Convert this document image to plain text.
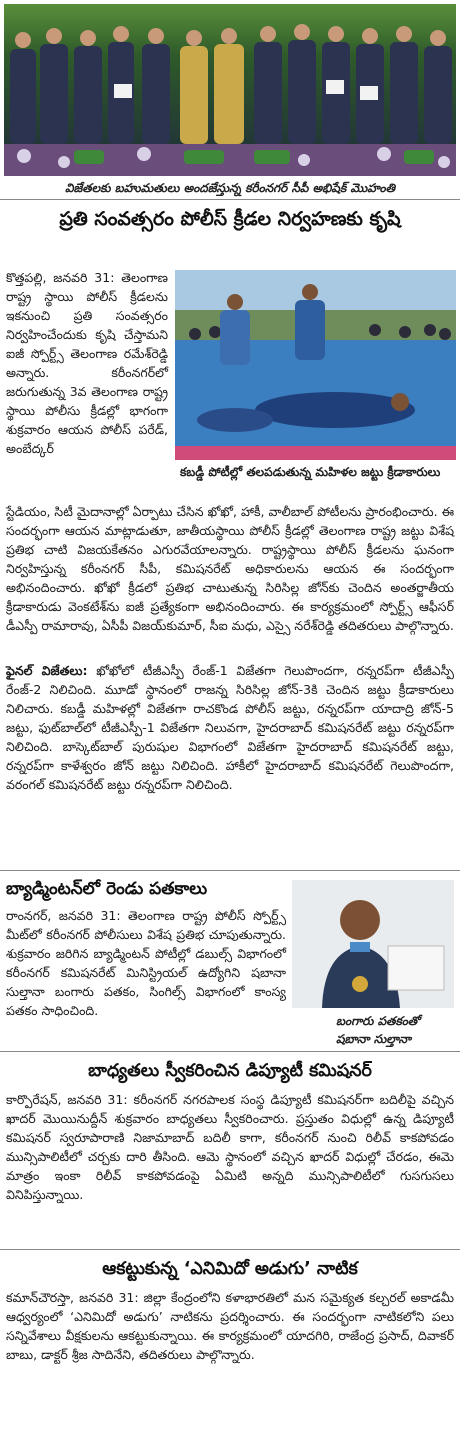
విజేతలకు బహుమతులు అందజేస్తున్న కరీంనగర్ సీపీ అభిషేక్ మొహంతి
ప్రతి సంవత్సరం పోలీస్ క్రీడల నిర్వహణకు కృషి
కబడ్డీ పోటీల్లో తలపడుతున్న మహిళల జట్టు క్రీడాకారులు

కొత్తపల్లి, జనవరి 31: తెలంగాణ రాష్ట్ర స్థాయి పోలీస్ క్రీడలను ఇకనుంచి ప్రతి సంవత్సరం నిర్వహించేందుకు కృషి చేస్తామని ఐజీ స్పోర్ట్స్ తెలంగాణ రమేశ్‌రెడ్డి అన్నారు. కరీంనగర్‌లో జరుగుతున్న 3వ తెలంగాణ రాష్ట్ర స్థాయి పోలీసు క్రీడల్లో భాగంగా శుక్రవారం ఆయన పోలీస్ పరేడ్, అంబేద్కర్

స్టేడియం, సిటీ మైదానాల్లో ఏర్పాటు చేసిన ఖోఖో, హాకీ, వాలీబాల్ పోటీలను ప్రారంభించారు. ఈ సందర్భంగా ఆయన మాట్లాడుతూ, జాతీయస్థాయి పోలీస్ క్రీడల్లో తెలంగాణ రాష్ట్ర జట్టు విశేష ప్రతిభ చాటి విజయకేతనం ఎగురవేయాలన్నారు. రాష్ట్రస్థాయి పోలీస్ క్రీడలను ఘనంగా నిర్వహిస్తున్న కరీంనగర్ సీపీ, కమిషనరేట్ అధికారులను ఆయన ఈ సందర్భంగా అభినందించారు. ఖోఖో క్రీడలో ప్రతిభ చాటుతున్న సిరిసిల్ల జోన్‌కు చెందిన అంతర్జాతీయ క్రీడాకారుడు వెంకటేశ్‌ను ఐజీ ప్రత్యేకంగా అభినందించారు. ఈ కార్యక్రమంలో స్పోర్ట్స్ ఆఫీసర్ డీఎస్పీ రామారావు, ఏసీపీ విజయ్‌కుమార్, సీఐ మధు, ఎస్సై నరేశ్‌రెడ్డి తదితరులు పాల్గొన్నారు.

ఫైనల్ విజేతలు: ఖోఖోలో టీజీఎస్పీ రేంజ్-1 విజేతగా గెలుపొందగా, రన్నరప్‌గా టీజీఎస్పీ రేంజ్-2 నిలిచింది. మూడో స్థానంలో రాజన్న సిరిసిల్ల జోన్-3కి చెందిన జట్టు క్రీడాకారులు నిలిచారు. కబడ్డీ మహిళల్లో విజేతగా రాచకొండ పోలీస్ జట్టు, రన్నరప్‌గా యాదాద్రి జోన్-5 జట్టు, ఫుట్‌బాల్‌లో టీజీఎస్పీ-1 విజేతగా నిలువగా, హైదరాబాద్ కమిషనరేట్ జట్టు రన్నరప్‌గా నిలిచింది. బాస్కెట్‌బాల్ పురుషుల విభాగంలో విజేతగా హైదరాబాద్ కమిషనరేట్ జట్టు, రన్నరప్‌గా కాళేశ్వరం జోన్ జట్టు నిలిచింది. హాకీలో హైదరాబాద్ కమిషనరేట్ గెలుపొందగా, వరంగల్ కమిషనరేట్ జట్టు రన్నరప్‌గా నిలిచింది.

బ్యాడ్మింటన్‌లో రెండు పతకాలు

రాంనగర్, జనవరి 31: తెలంగాణ రాష్ట్ర పోలీస్ స్పోర్ట్స్ మీట్‌లో కరీంనగర్ పోలీసులు విశేష ప్రతిభ చూపుతున్నారు. శుక్రవారం జరిగిన బ్యాడ్మింటన్ పోటీల్లో డబుల్స్ విభాగంలో కరీంనగర్ కమిషనరేట్ మినిస్ట్రియల్ ఉద్యోగిని షబానా సుల్తానా బంగారు పతకం, సింగిల్స్ విభాగంలో కాంస్య పతకం సాధించింది.

బంగారు పతకంతో షబానా సుల్తానా
బాధ్యతలు స్వీకరించిన డిప్యూటీ కమిషనర్

కార్పొరేషన్, జనవరి 31: కరీంనగర్ నగరపాలక సంస్థ డిప్యూటీ కమిషనర్‌గా బదిలీపై వచ్చిన ఖాదర్ మొయినుద్దీన్ శుక్రవారం బాధ్యతలు స్వీకరించారు. ప్రస్తుతం విధుల్లో ఉన్న డిప్యూటీ కమిషనర్ స్వరూపారాణి నిజామాబాద్ బదిలీ కాగా, కరీంనగర్ నుంచి రిలీవ్ కాకపోవడం మున్సిపాలిటీలో చర్చకు దారి తీసింది. ఆమె స్థానంలో వచ్చిన ఖాదర్ విధుల్లో చేరడం, ఈమె మాత్రం ఇంకా రిలీవ్ కాకపోవడంపై ఏమిటి అన్నది మున్సిపాలిటీలో గుసగుసలు వినిపిస్తున్నాయి.

ఆకట్టుకున్న ‘ఎనిమిదో అడుగు’ నాటిక

కమాన్‌చౌరస్తా, జనవరి 31: జిల్లా కేంద్రంలోని కళాభారతిలో మన సమైక్యత కల్చరల్ అకాడమీ ఆధ్వర్యంలో ‘ఎనిమిదో అడుగు’ నాటికను ప్రదర్శించారు. ఈ సందర్భంగా నాటికలోని పలు సన్నివేశాలు వీక్షకులను ఆకట్టుకున్నాయి. ఈ కార్యక్రమంలో యాదగిరి, రాజేంద్ర ప్రసాద్, దివాకర్ బాబు, డాక్టర్ శ్రీజ సాదినేని, తదితరులు పాల్గొన్నారు.
